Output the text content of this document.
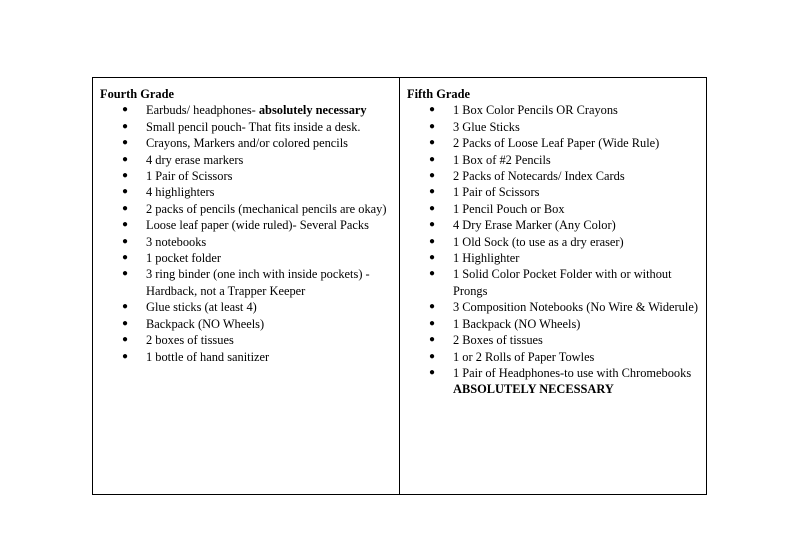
Fourth Grade
● Earbuds/ headphones- absolutely necessary
● Small pencil pouch- That fits inside a desk.
● Crayons, Markers and/or colored pencils
● 4 dry erase markers
● 1 Pair of Scissors
● 4 highlighters
● 2 packs of pencils (mechanical pencils are okay)
● Loose leaf paper (wide ruled)- Several Packs
● 3 notebooks
● 1 pocket folder
● 3 ring binder (one inch with inside pockets) - Hardback, not a Trapper Keeper
● Glue sticks (at least 4)
● Backpack (NO Wheels)
● 2 boxes of tissues
● 1 bottle of hand sanitizer
Fifth Grade
● 1 Box Color Pencils OR Crayons
● 3 Glue Sticks
● 2 Packs of Loose Leaf Paper (Wide Rule)
● 1 Box of #2 Pencils
● 2 Packs of Notecards/ Index Cards
● 1 Pair of Scissors
● 1 Pencil Pouch or Box
● 4 Dry Erase Marker (Any Color)
● 1 Old Sock (to use as a dry eraser)
● 1 Highlighter
● 1 Solid Color Pocket Folder with or without Prongs
● 3 Composition Notebooks (No Wire & Widerule)
● 1 Backpack (NO Wheels)
● 2 Boxes of tissues
● 1 or 2 Rolls of Paper Towles
● 1 Pair of Headphones-to use with Chromebooks ABSOLUTELY NECESSARY
